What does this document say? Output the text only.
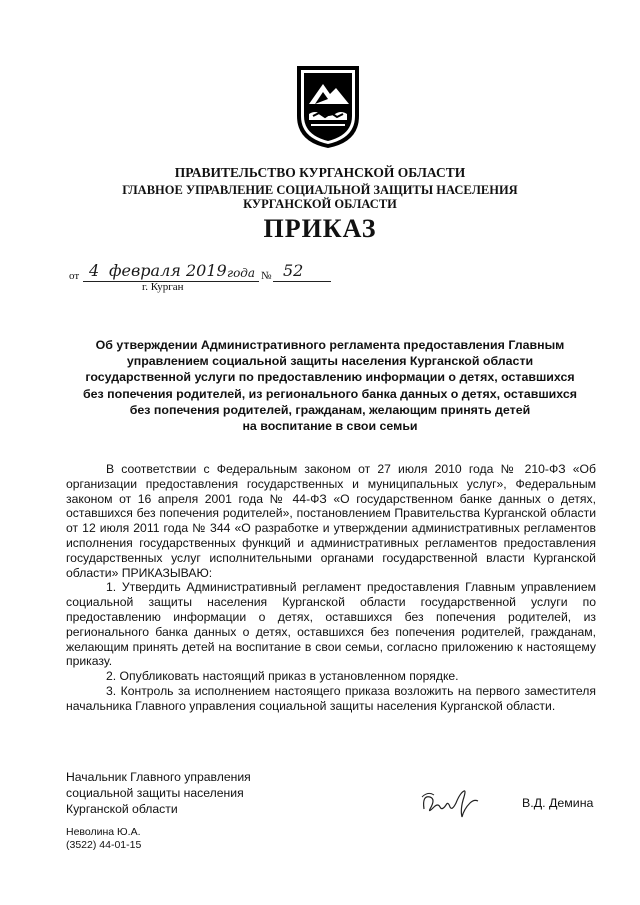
ПРАВИТЕЛЬСТВО КУРГАНСКОЙ ОБЛАСТИ
ГЛАВНОЕ УПРАВЛЕНИЕ СОЦИАЛЬНОЙ ЗАЩИТЫ НАСЕЛЕНИЯ
КУРГАНСКОЙ ОБЛАСТИ
ПРИКАЗ
от 4 февраля 2019 года № 52
г. Курган
Об утверждении Административного регламента предоставления Главным
управлением социальной защиты населения Курганской области
государственной услуги по предоставлению информации о детях, оставшихся
без попечения родителей, из регионального банка данных о детях, оставшихся
без попечения родителей, гражданам, желающим принять детей
на воспитание в свои семьи

В соответствии с Федеральным законом от 27 июля 2010 года № 210-ФЗ «Об организации предоставления государственных и муниципальных услуг», Федеральным законом от 16 апреля 2001 года № 44-ФЗ «О государственном банке данных о детях, оставшихся без попечения родителей», постановлением Правительства Курганской области от 12 июля 2011 года № 344 «О разработке и утверждении административных регламентов исполнения государственных функций и административных регламентов предоставления государственных услуг исполнительными органами государственной власти Курганской области» ПРИКАЗЫВАЮ:

1. Утвердить Административный регламент предоставления Главным управлением социальной защиты населения Курганской области государственной услуги по предоставлению информации о детях, оставшихся без попечения родителей, из регионального банка данных о детях, оставшихся без попечения родителей, гражданам, желающим принять детей на воспитание в свои семьи, согласно приложению к настоящему приказу.

2. Опубликовать настоящий приказ в установленном порядке.

3. Контроль за исполнением настоящего приказа возложить на первого заместителя начальника Главного управления социальной защиты населения Курганской области.

Начальник Главного управления
социальной защиты населения
Курганской области	В.Д. Демина
Неволина Ю.А.
(3522) 44-01-15
